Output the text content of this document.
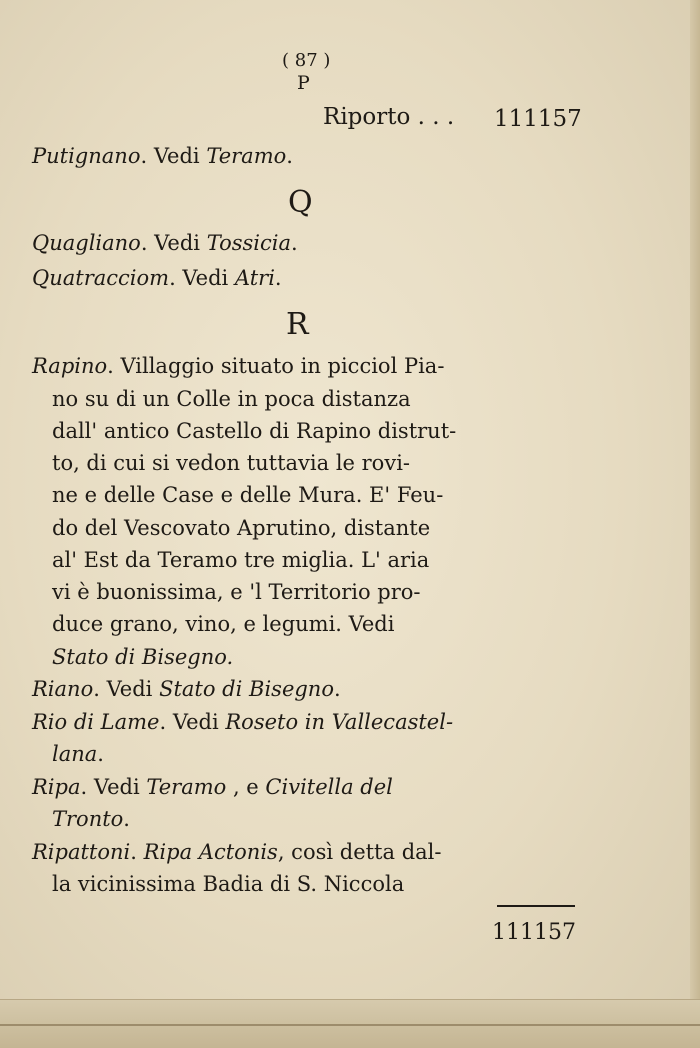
( 87 )
P
Riporto . . . 111157
Putignano. Vedi Teramo.
Q
Quagliano. Vedi Tossicia.
Quatracciom. Vedi Atri.
R
Rapino. Villaggio situato in picciol Pia-
no su di un Colle in poca distanza
dall' antico Castello di Rapino distrut-
to, di cui si vedon tuttavia le rovi-
ne e delle Case e delle Mura. E' Feu-
do del Vescovato Aprutino, distante
al' Est da Teramo tre miglia. L' aria
vi è buonissima, e 'l Territorio pro-
duce grano, vino, e legumi. Vedi
Stato di Bisegno.
Riano. Vedi Stato di Bisegno.
Rio di Lame. Vedi Roseto in Vallecastel-
lana.
Ripa. Vedi Teramo , e Civitella del
Tronto.
Ripattoni. Ripa Actonis, così detta dal-
la vicinissima Badia di S. Niccola
111157
